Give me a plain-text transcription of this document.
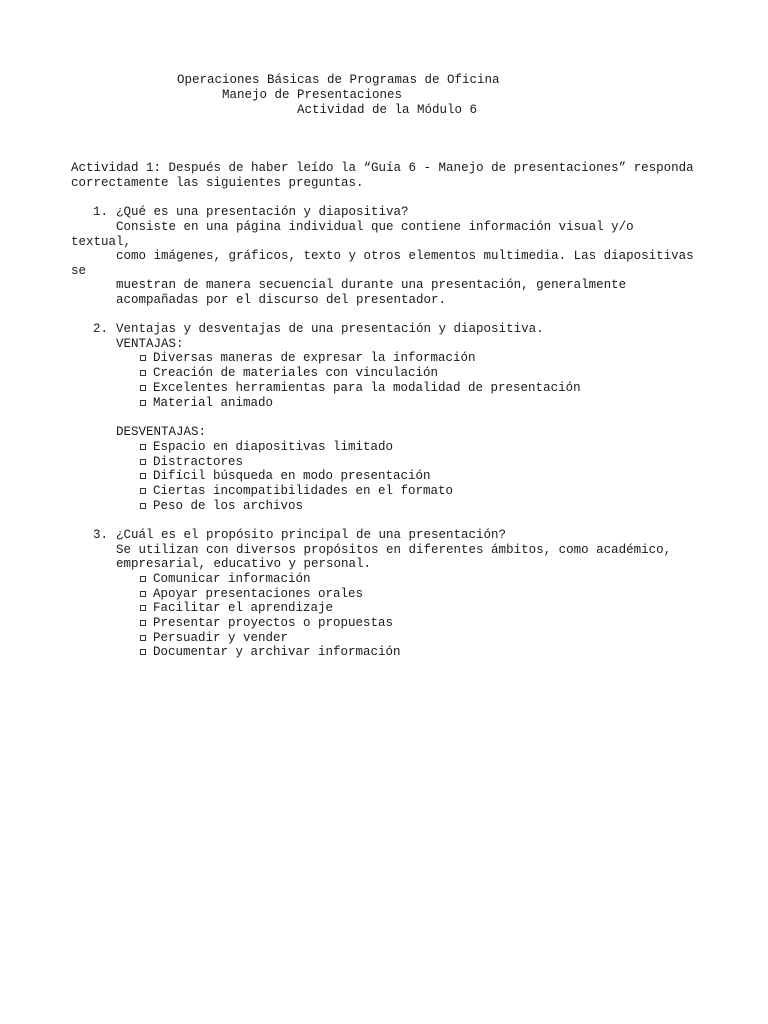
Operaciones Básicas de Programas de Oficina
Manejo de Presentaciones
Actividad de la Módulo 6
Actividad 1: Después de haber leído la “Guía 6 - Manejo de presentaciones” responda
correctamente las siguientes preguntas.
1. ¿Qué es una presentación y diapositiva?
Consiste en una página individual que contiene información visual y/o
textual,
como imágenes, gráficos, texto y otros elementos multimedia. Las diapositivas
se
muestran de manera secuencial durante una presentación, generalmente
acompañadas por el discurso del presentador.
2. Ventajas y desventajas de una presentación y diapositiva.
VENTAJAS:
Diversas maneras de expresar la información
Creación de materiales con vinculación
Excelentes herramientas para la modalidad de presentación
Material animado
DESVENTAJAS:
Espacio en diapositivas limitado
Distractores
Difícil búsqueda en modo presentación
Ciertas incompatibilidades en el formato
Peso de los archivos
3. ¿Cuál es el propósito principal de una presentación?
Se utilizan con diversos propósitos en diferentes ámbitos, como académico,
empresarial, educativo y personal.
Comunicar información
Apoyar presentaciones orales
Facilitar el aprendizaje
Presentar proyectos o propuestas
Persuadir y vender
Documentar y archivar información
